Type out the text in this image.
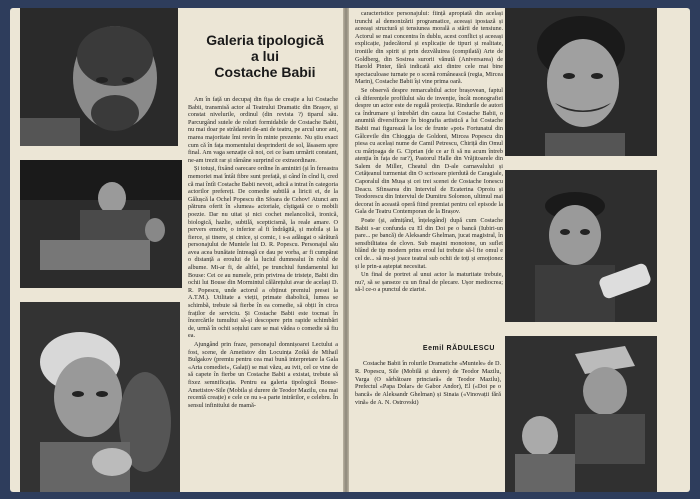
Galeria tipologică
a lui
Costache Babii

Am în față un decupaj din fișa de creație a lui Costache Babii, transmisă actor al Teatrului Dramatic din Brașov, și constat nivelurile, ordinul (din revista ?) tiparul său. Parcurgând sutele de roluri formidabile de Costache Babii, nu mai doar pe strădaniei de-ani de teatru, pe arcul unor ani, marea majoritate îmi revin în minte prezente. Nu știu exact cum că în fața momentului desprinderii de sol, lăsasem spre final. Am vaga senzație că noi, cei ce îsam urmărit constant, ne-am trezit rar și rămâne surprind ce extraordinare.

Și totuși, fixând oarecare ordine în amintiri (și în fereastra memoriei mai întâi fibre sunt prefață, și când în cînd li, cred că mai întîi Costache Babii nevoit, adică a intrat în categoria actorilor prefereți. De comedie subtilă a liricii ei, de la Gălușcă la Ochel Popescu din Sfoara de Cehov! Atunci am pătruns oferit în «lumea» actoriale, cîștigată ce o mobili poezie. Dar nu uitat și nici cochet melancolică, ironică, biologică, hazlie, subtilă, scepticismă, la reale amare. O pervers emotiv, o inferior al fi îndrăgită, și mobila și la fierce, și tinere, și cinice, și comic, i s-a adăugat o sărătură personajului de Muntele lui D. R. Popescu. Personajul său avea acea bunătate întreagă ce dau pe vorba, ar fi cumpărat o distanță a eroului de la luciul dumnealui în rolul de albume. Mi-ar fi, de altfel, pe trunchiul fundamentul lui Bouse: Cei ce au numele, prin privirea de tristețe, Babii din ochii lui Bouse din Mormintul călărețului avar de același D. R. Popescu, unde actorul a obținut premiul presei la A.T.M.). Utilitate a vieții, primate diabolică, lumea se schimbă, trebuie să fierbe în ea comedie, să obții în circa fraților de serviciu. Și Costache Babii este tocmai în încercările tumultui să-și descopere prin rapide schimbări de, urmă în ochii soțului care se mai vădea o comedie să fiu ea.

Ajungând prin fraze, personajul domnișoarei Lectului a fost, scene, de Ametistov din Locuința Zoikă de Mihail Bulgakov (premiu pentru cea mai bună interpretare la Gala «Arta comediei», Galați) se mai văzu, au ivit, cel ce vine de să capete în fierbe un Costache Babii a existat, trebuie să fixez semnificația. Pentru ea galeria tipologică Bouse-Ametistov-Sile (Mobila și durere de Teodor Mazilu, cea mai recentă creație) e cele ce nu s-a parte intrărilor, e celebru. În sensul infinitului de mamă-

caracteristice personajului: ființă apropiată din același trunchi al demonizării programatice, aceeași ipostază și aceeași structură și tensiunea morală a stării de tensiune. Actorul se mai concentra în dublu, acest conflict și aceeași explicație, judecătorul și explicație de tipuri și realitate, ironiile din spirit și prin dezvăluirea (compilată) Arte de Goldberg, din Sosirea surorii vănută (Aniversarea) de Harold Pinter, fără indicată aici dintre cele mai bine spectaculoase turnate pe o scenă românească (regia, Mircea Marin), Costache Babii își vine prima oară.

Se observă despre remarcabilul actor brașovean, faptul că diferențele profilului său de invenție, încât monografiei despre un actor este de regulă proiecția. Rindurile de autori ca îndrumare și întrebări din cauza lui Costache Babii, o anumită diversificare în biografia artistică a lui Costache Babii mai figurează la loc de frunte «pot» Fortunatul din Gâlcevile din Chioggia de Goldoni, Mircea Popescu din piesa cu același nume de Camil Petrescu, Chiriță din Omul cu mârțoaga de G. Ciprian (de ce ar fi să nu acum întreb atenția în fața de rar?), Pastorul Halle din Vrăjitoarele din Salem de Miller, Cheatul din D-ale carnavalului și Cetățeanul turmentat din O scrisoare pierdută de Caragiale, Caporalul din Mușa și cei trei scenei de Costache Ionescu Deacu. Sfinsarea din Interviul de Ecaterina Oproiu și Teodorescu din Interviul de Dumitru Solomon, ultimul mai decorat în această operă fiind premiat pentru cel episode la Gala de Teatru Contemporan de la Brașov.

Poate (și, admițând, înțelegând) după cum Costache Babii s-ar confunda cu El din Doi pe o bancă (Iubiri-un pare... pe bancă) de Aleksandr Ghelman, jucat magistral, în sensibilitatea de clovn. Sub mașini monotone, un suflet blând de tip modern prins eroul lui trebuie să-l fie omul e cel de... să nu-și joace teatral sub ochii de toți și emoționez și le prin-a așteptat necesitat.

Un final de portret al unui actor la maturitate trebuie, nu?, să se șanseze cu un final de plecare. Ușor mediocrea; să-l ce-o a punctul de ziarist.

Eemil RĂDULESCU

Costache Babii în rolurile Dramatiche «Muntele» de D. R. Popescu, Sile (Mobilă și durere) de Teodor Mazilu, Varga (O sărbătoare princiară» de Teodor Mazilu), Prefectul «Papa Dolar» de Gabor Andor), El («Doi pe o bancă» de Aleksandr Ghelman) și Sinaia («Vinovații fără vină» de A. N. Ostrovski)
